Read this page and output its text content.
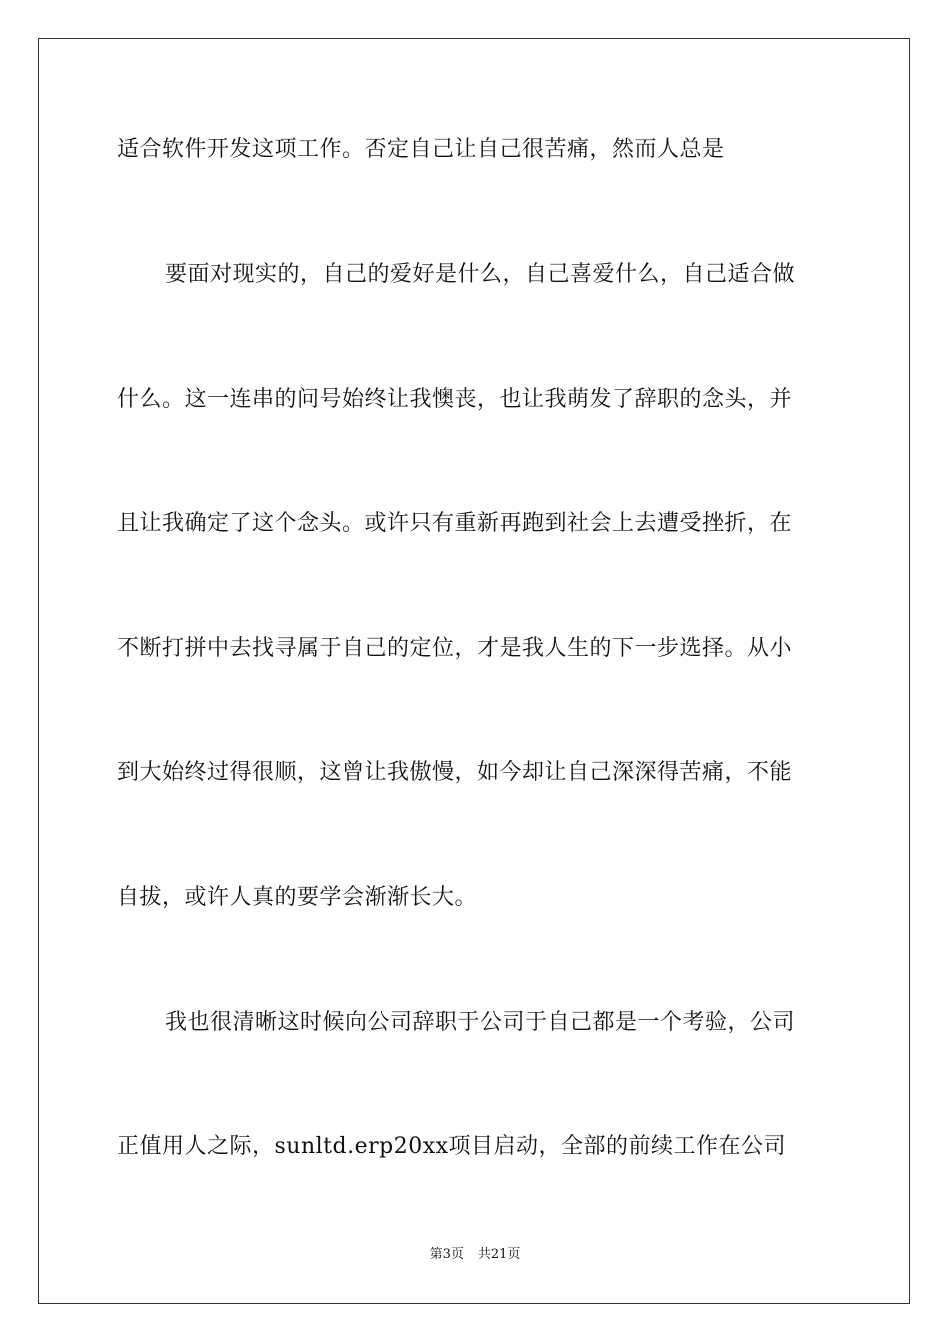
适合软件开发这项工作。否定自己让自己很苦痛，然而人总是
要面对现实的，自己的爱好是什么，自己喜爱什么，自己适合做
什么。这一连串的问号始终让我懊丧，也让我萌发了辞职的念头，并
且让我确定了这个念头。或许只有重新再跑到社会上去遭受挫折，在
不断打拼中去找寻属于自己的定位，才是我人生的下一步选择。从小
到大始终过得很顺，这曾让我傲慢，如今却让自己深深得苦痛，不能
自拔，或许人真的要学会渐渐长大。
我也很清晰这时候向公司辞职于公司于自己都是一个考验，公司
正值用人之际，sunltd.erp20xx项目启动，全部的前续工作在公司
第3页 共21页
